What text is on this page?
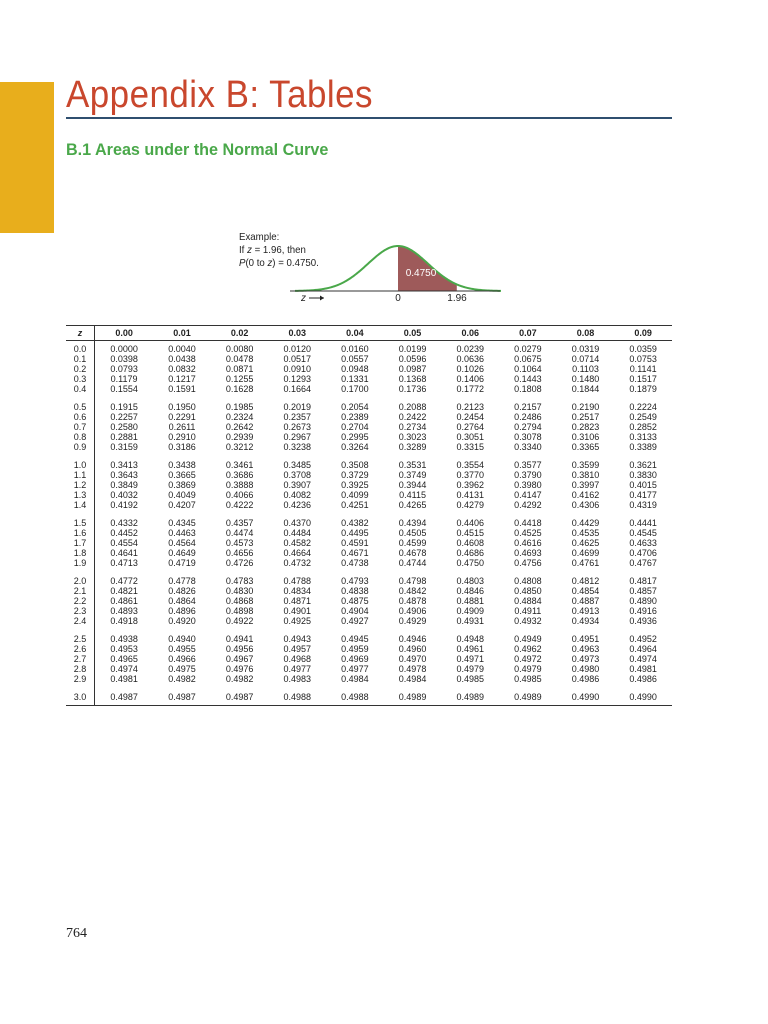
Appendix B: Tables
B.1 Areas under the Normal Curve
Example:
If z = 1.96, then
P(0 to z) = 0.4750.
0.4750
z	0	1.96
z	0.00	0.01	0.02	0.03	0.04	0.05	0.06	0.07	0.08	0.09
0.0	0.0000	0.0040	0.0080	0.0120	0.0160	0.0199	0.0239	0.0279	0.0319	0.0359
0.1	0.0398	0.0438	0.0478	0.0517	0.0557	0.0596	0.0636	0.0675	0.0714	0.0753
0.2	0.0793	0.0832	0.0871	0.0910	0.0948	0.0987	0.1026	0.1064	0.1103	0.1141
0.3	0.1179	0.1217	0.1255	0.1293	0.1331	0.1368	0.1406	0.1443	0.1480	0.1517
0.4	0.1554	0.1591	0.1628	0.1664	0.1700	0.1736	0.1772	0.1808	0.1844	0.1879
0.5	0.1915	0.1950	0.1985	0.2019	0.2054	0.2088	0.2123	0.2157	0.2190	0.2224
0.6	0.2257	0.2291	0.2324	0.2357	0.2389	0.2422	0.2454	0.2486	0.2517	0.2549
0.7	0.2580	0.2611	0.2642	0.2673	0.2704	0.2734	0.2764	0.2794	0.2823	0.2852
0.8	0.2881	0.2910	0.2939	0.2967	0.2995	0.3023	0.3051	0.3078	0.3106	0.3133
0.9	0.3159	0.3186	0.3212	0.3238	0.3264	0.3289	0.3315	0.3340	0.3365	0.3389
1.0	0.3413	0.3438	0.3461	0.3485	0.3508	0.3531	0.3554	0.3577	0.3599	0.3621
1.1	0.3643	0.3665	0.3686	0.3708	0.3729	0.3749	0.3770	0.3790	0.3810	0.3830
1.2	0.3849	0.3869	0.3888	0.3907	0.3925	0.3944	0.3962	0.3980	0.3997	0.4015
1.3	0.4032	0.4049	0.4066	0.4082	0.4099	0.4115	0.4131	0.4147	0.4162	0.4177
1.4	0.4192	0.4207	0.4222	0.4236	0.4251	0.4265	0.4279	0.4292	0.4306	0.4319
1.5	0.4332	0.4345	0.4357	0.4370	0.4382	0.4394	0.4406	0.4418	0.4429	0.4441
1.6	0.4452	0.4463	0.4474	0.4484	0.4495	0.4505	0.4515	0.4525	0.4535	0.4545
1.7	0.4554	0.4564	0.4573	0.4582	0.4591	0.4599	0.4608	0.4616	0.4625	0.4633
1.8	0.4641	0.4649	0.4656	0.4664	0.4671	0.4678	0.4686	0.4693	0.4699	0.4706
1.9	0.4713	0.4719	0.4726	0.4732	0.4738	0.4744	0.4750	0.4756	0.4761	0.4767
2.0	0.4772	0.4778	0.4783	0.4788	0.4793	0.4798	0.4803	0.4808	0.4812	0.4817
2.1	0.4821	0.4826	0.4830	0.4834	0.4838	0.4842	0.4846	0.4850	0.4854	0.4857
2.2	0.4861	0.4864	0.4868	0.4871	0.4875	0.4878	0.4881	0.4884	0.4887	0.4890
2.3	0.4893	0.4896	0.4898	0.4901	0.4904	0.4906	0.4909	0.4911	0.4913	0.4916
2.4	0.4918	0.4920	0.4922	0.4925	0.4927	0.4929	0.4931	0.4932	0.4934	0.4936
2.5	0.4938	0.4940	0.4941	0.4943	0.4945	0.4946	0.4948	0.4949	0.4951	0.4952
2.6	0.4953	0.4955	0.4956	0.4957	0.4959	0.4960	0.4961	0.4962	0.4963	0.4964
2.7	0.4965	0.4966	0.4967	0.4968	0.4969	0.4970	0.4971	0.4972	0.4973	0.4974
2.8	0.4974	0.4975	0.4976	0.4977	0.4977	0.4978	0.4979	0.4979	0.4980	0.4981
2.9	0.4981	0.4982	0.4982	0.4983	0.4984	0.4984	0.4985	0.4985	0.4986	0.4986
3.0	0.4987	0.4987	0.4987	0.4988	0.4988	0.4989	0.4989	0.4989	0.4990	0.4990
764
